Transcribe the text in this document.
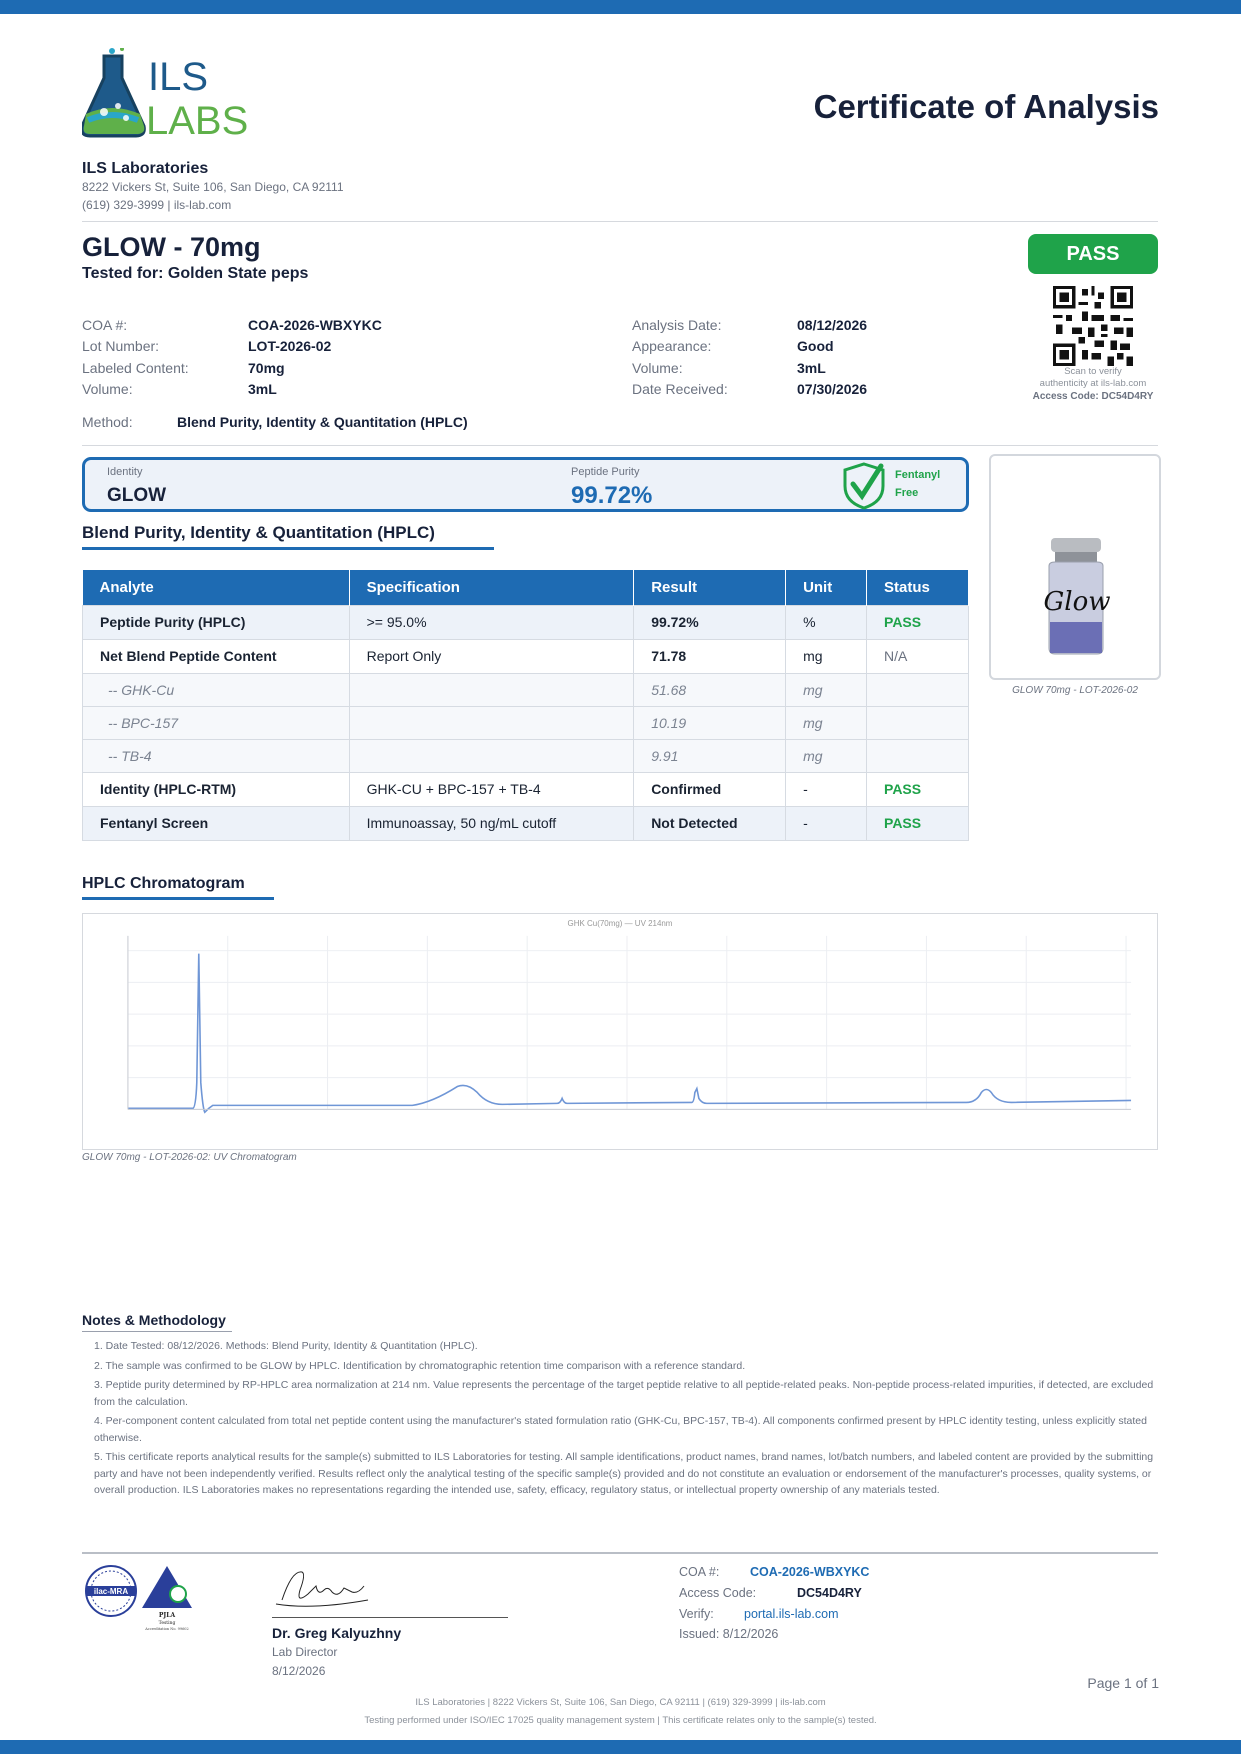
ILS
LABS	Certificate of Analysis
ILS Laboratories
8222 Vickers St, Suite 106, San Diego, CA 92111
(619) 329-3999 | ils-lab.com
GLOW - 70mg
Tested for: Golden State peps
PASS
Scan to verify
authenticity at ils-lab.com
Access Code: DC54D4RY
COA #:	COA-2026-WBXYKC
Lot Number:	LOT-2026-02
Labeled Content:	70mg
Volume:	3mL
Analysis Date:	08/12/2026
Appearance:	Good
Volume:	3mL
Date Received:	07/30/2026
Method:	Blend Purity, Identity & Quantitation (HPLC)
Identity
GLOW
Peptide Purity
99.72%
Fentanyl
Free
Glow
GLOW 70mg - LOT-2026-02
Blend Purity, Identity & Quantitation (HPLC)
Analyte	Specification	Result	Unit	Status
Peptide Purity (HPLC)	>= 95.0%	99.72%	%	PASS
Net Blend Peptide Content	Report Only	71.78	mg	N/A
-- GHK-Cu		51.68	mg	
-- BPC-157		10.19	mg	
-- TB-4		9.91	mg	
Identity (HPLC-RTM)	GHK-CU + BPC-157 + TB-4	Confirmed	-	PASS
Fentanyl Screen	Immunoassay, 50 ng/mL cutoff	Not Detected	-	PASS
HPLC Chromatogram
GHK Cu(70mg) — UV 214nm
GLOW 70mg - LOT-2026-02: UV Chromatogram
Notes & Methodology
1. Date Tested: 08/12/2026. Methods: Blend Purity, Identity & Quantitation (HPLC).
2. The sample was confirmed to be GLOW by HPLC. Identification by chromatographic retention time comparison with a reference standard.
3. Peptide purity determined by RP-HPLC area normalization at 214 nm. Value represents the percentage of the target peptide relative to all peptide-related peaks. Non-peptide process-related impurities, if detected, are excluded from the calculation.
4. Per-component content calculated from total net peptide content using the manufacturer's stated formulation ratio (GHK-Cu, BPC-157, TB-4). All components confirmed present by HPLC identity testing, unless explicitly stated otherwise.
5. This certificate reports analytical results for the sample(s) submitted to ILS Laboratories for testing. All sample identifications, product names, brand names, lot/batch numbers, and labeled content are provided by the submitting party and have not been independently verified. Results reflect only the analytical testing of the specific sample(s) provided and do not constitute an evaluation or endorsement of the manufacturer's processes, quality systems, or overall production. ILS Laboratories makes no representations regarding the intended use, safety, efficacy, regulatory status, or intellectual property ownership of any materials tested.
ilac-MRA
PJLA
Testing
Accreditation No. 99602	Dr. Greg Kalyuzhny
Lab Director
8/12/2026
COA #: COA-2026-WBXYKC
Access Code:	DC54D4RY
Verify: portal.ils-lab.com
Issued: 8/12/2026
Page 1 of 1
ILS Laboratories | 8222 Vickers St, Suite 106, San Diego, CA 92111 | (619) 329-3999 | ils-lab.com
Testing performed under ISO/IEC 17025 quality management system | This certificate relates only to the sample(s) tested.
